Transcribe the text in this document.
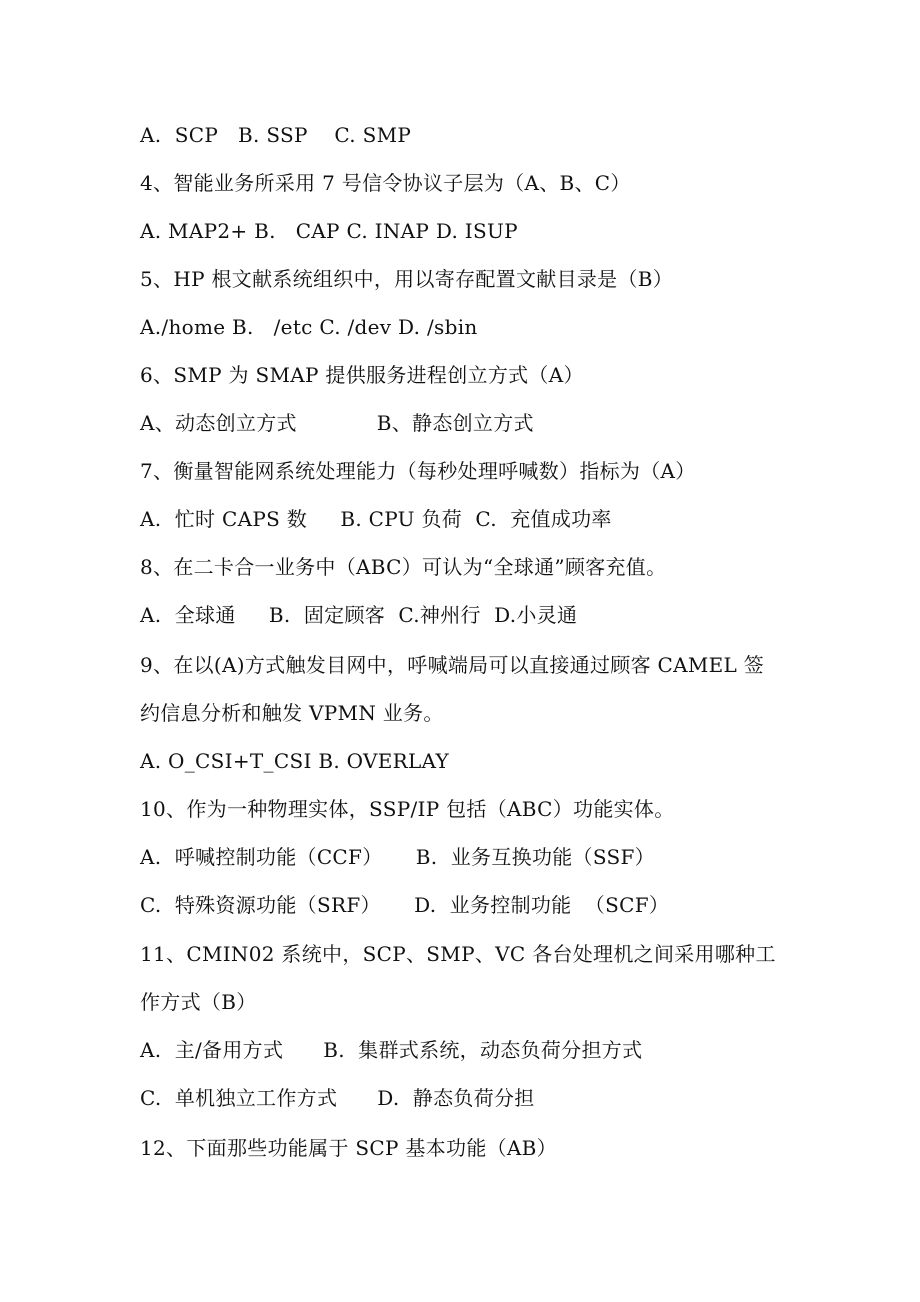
A.  SCP   B. SSP    C. SMP
4、智能业务所采用 7 号信令协议子层为（A、B、C）
A. MAP2+ B.   CAP C. INAP D. ISUP
5、HP 根文献系统组织中，用以寄存配置文献目录是（B）
A./home B.   /etc C. /dev D. /sbin
6、SMP 为 SMAP 提供服务进程创立方式（A）
A、动态创立方式            B、静态创立方式
7、衡量智能网系统处理能力（每秒处理呼喊数）指标为（A）
A.  忙时 CAPS 数     B. CPU 负荷  C.  充值成功率
8、在二卡合一业务中（ABC）可认为“全球通”顾客充值。
A.  全球通     B.  固定顾客  C.神州行  D.小灵通
9、在以(A)方式触发目网中，呼喊端局可以直接通过顾客 CAMEL 签
约信息分析和触发 VPMN 业务。
A. O_CSI+T_CSI B. OVERLAY
10、作为一种物理实体，SSP/IP 包括（ABC）功能实体。
A.  呼喊控制功能（CCF）     B.  业务互换功能（SSF）
C.  特殊资源功能（SRF）     D.  业务控制功能  （SCF）
11、CMIN02 系统中，SCP、SMP、VC 各台处理机之间采用哪种工
作方式（B）
A.  主/备用方式      B.  集群式系统，动态负荷分担方式
C.  单机独立工作方式      D.  静态负荷分担
12、下面那些功能属于 SCP 基本功能（AB）
